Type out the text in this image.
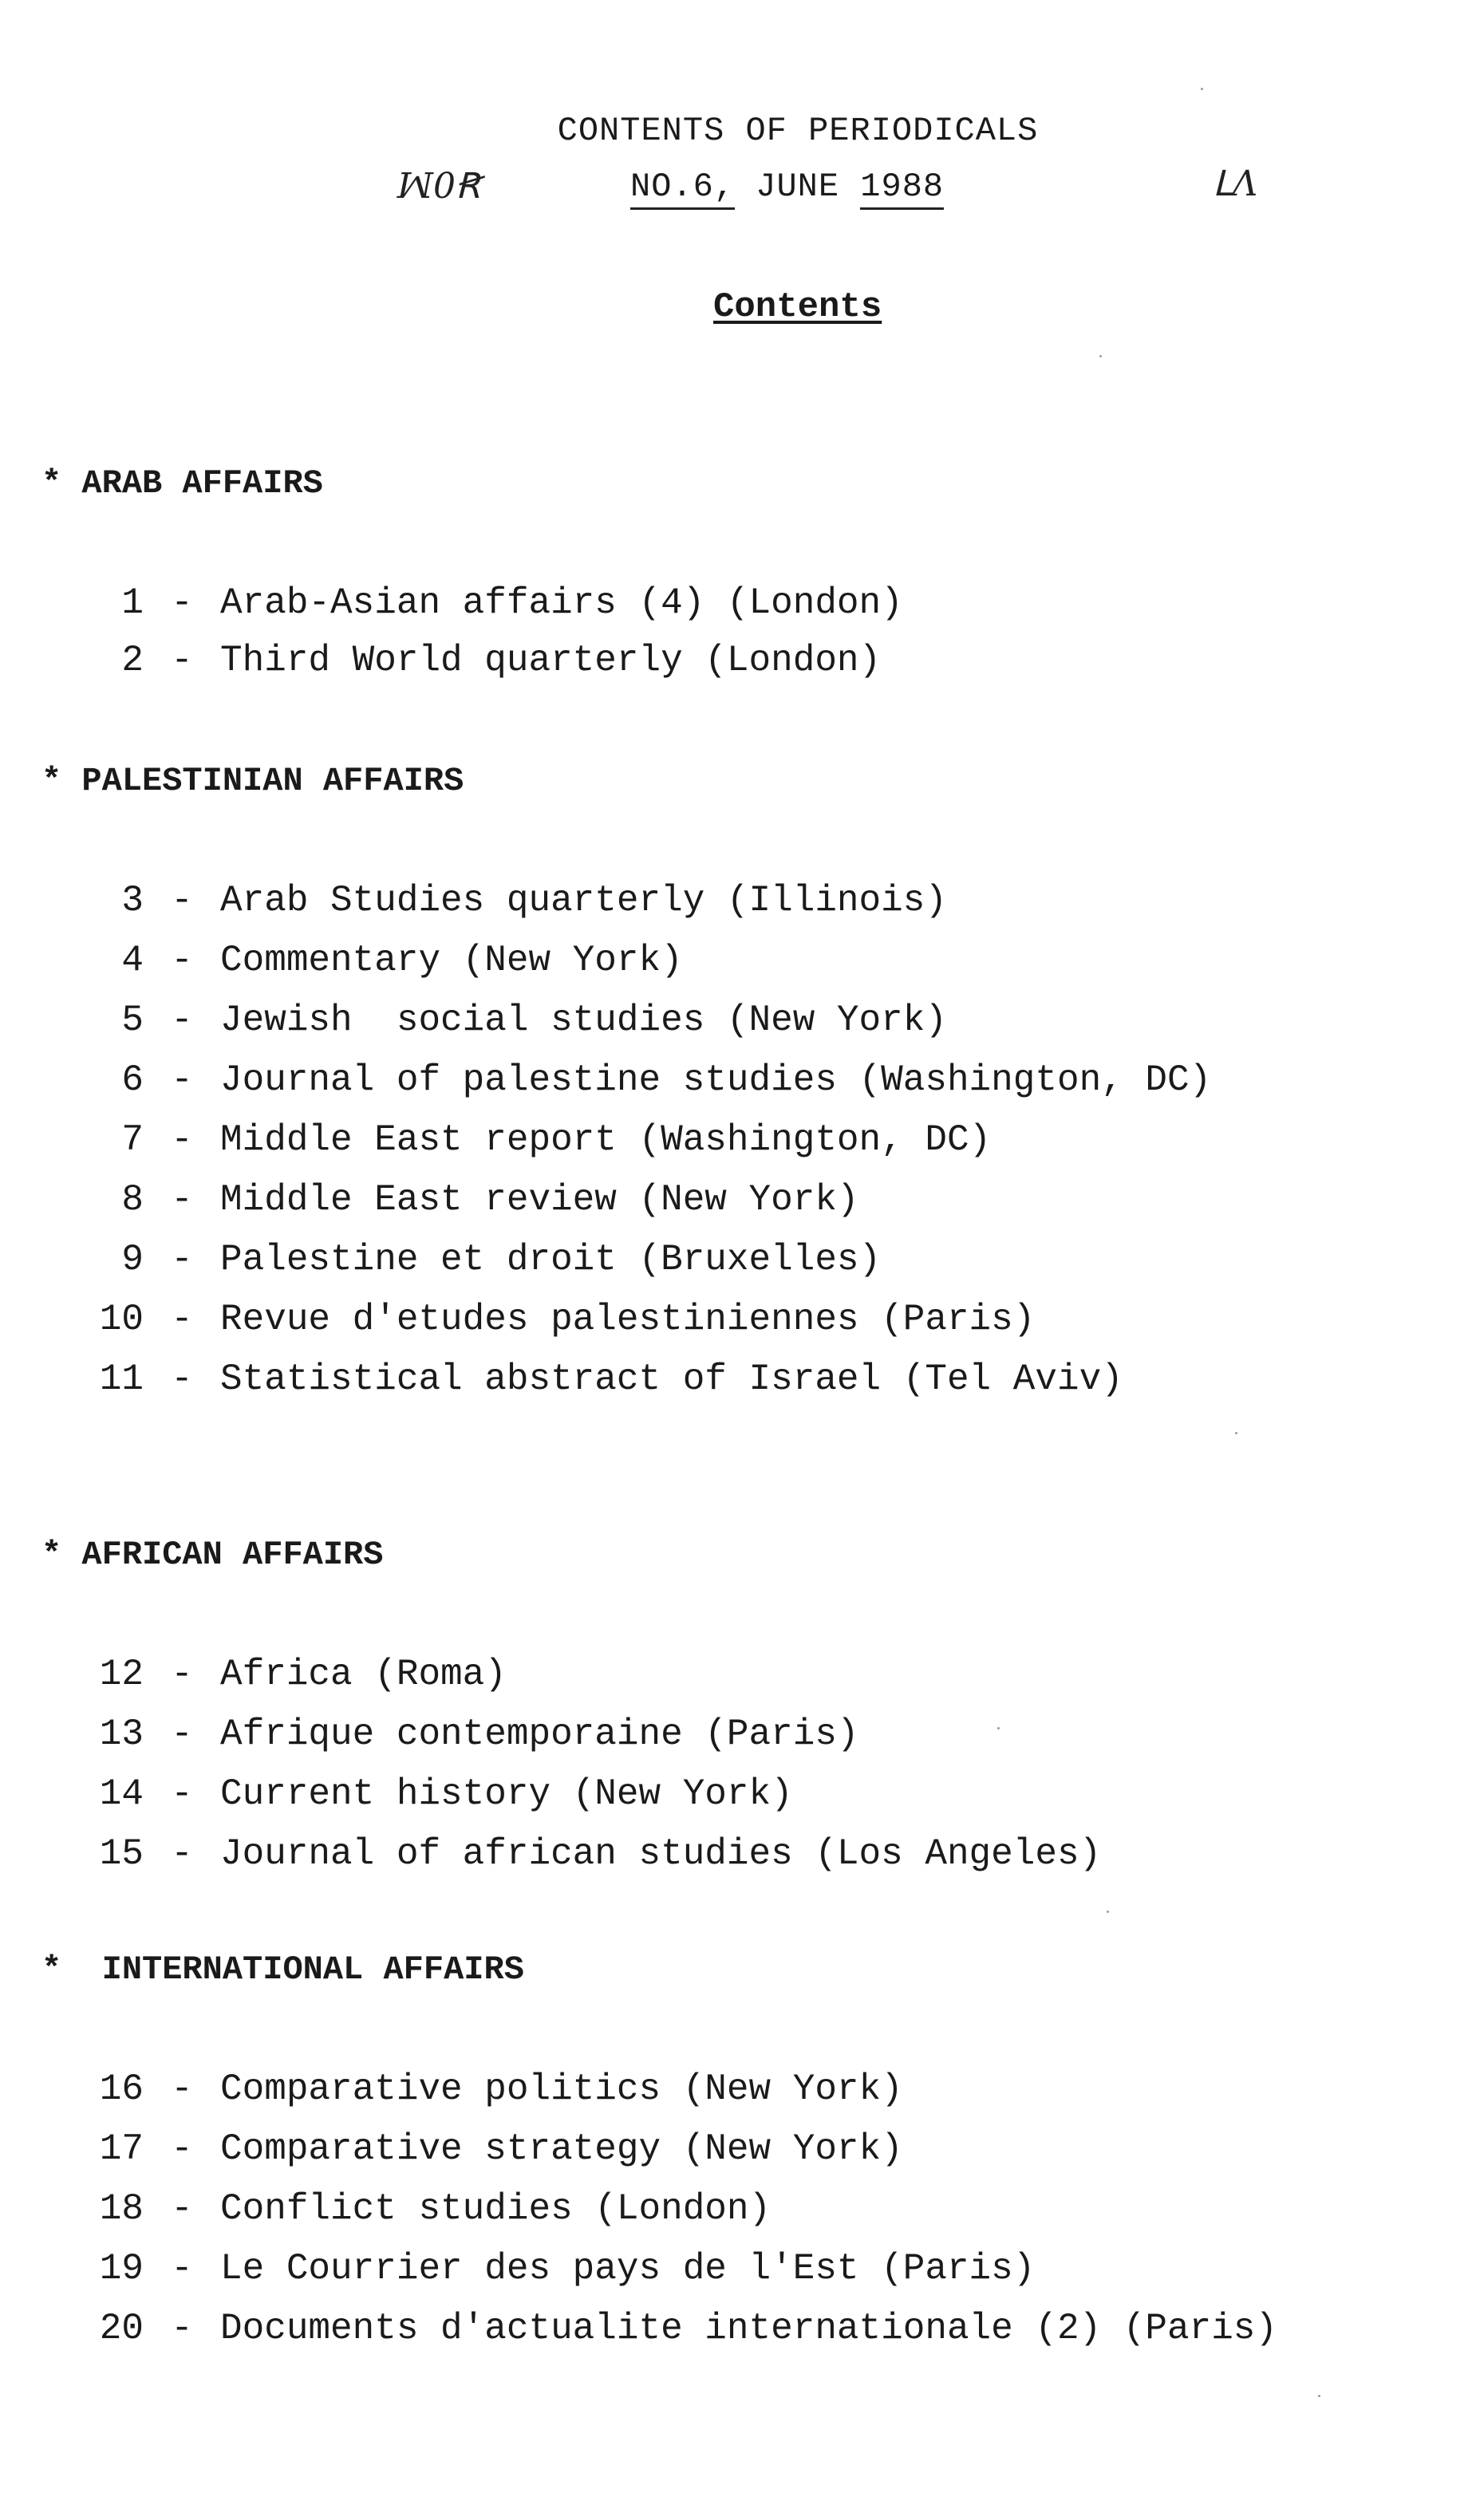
CONTENTS OF PERIODICALS
ꟽ0Ꞧ	NO.6, JUNE 1988	ᒪΛ
Contents
* ARAB AFFAIRS
1 - Arab-Asian affairs (4) (London)
2 - Third World quarterly (London)
* PALESTINIAN AFFAIRS
3 - Arab Studies quarterly (Illinois)
4 - Commentary (New York)
5 - Jewish  social studies (New York)
6 - Journal of palestine studies (Washington, DC)
7 - Middle East report (Washington, DC)
8 - Middle East review (New York)
9 - Palestine et droit (Bruxelles)
10 - Revue d'etudes palestiniennes (Paris)
11 - Statistical abstract of Israel (Tel Aviv)
* AFRICAN AFFAIRS
12 - Africa (Roma)
13 - Afrique contemporaine (Paris)
14 - Current history (New York)
15 - Journal of african studies (Los Angeles)
*  INTERNATIONAL AFFAIRS
16 - Comparative politics (New York)
17 - Comparative strategy (New York)
18 - Conflict studies (London)
19 - Le Courrier des pays de l'Est (Paris)
20 - Documents d'actualite internationale (2) (Paris)
